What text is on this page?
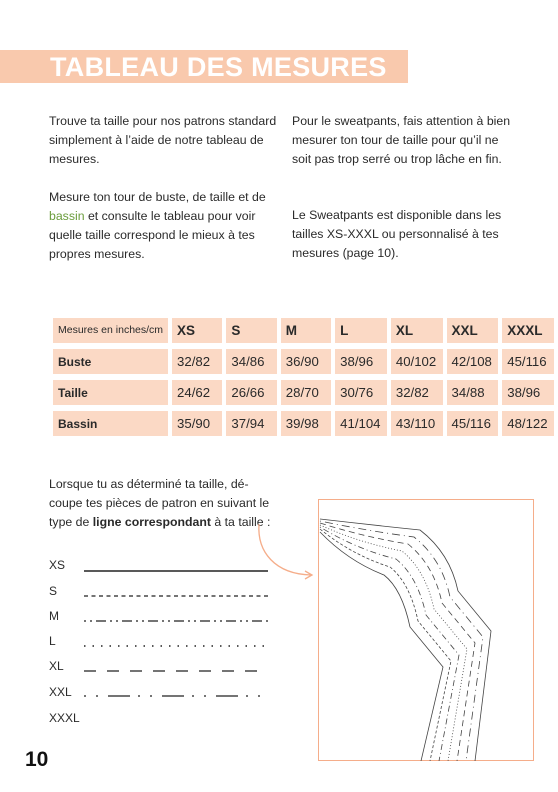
TABLEAU DES MESURES
Trouve ta taille pour nos patrons standard simplement à l’aide de notre tableau de mesures.
Mesure ton tour de buste, de taille et de bassin et consulte le tableau pour voir quelle taille correspond le mieux à tes propres mesures.
Pour le sweatpants, fais attention à bien mesurer ton tour de taille pour qu’il ne soit pas trop serré ou trop lâche en fin.
Le Sweatpants est disponible dans les tailles XS-XXXL ou personnalisé à tes mesures (page 10).
Mesures en inches/cm	XS	S	M	L	XL	XXL	XXXL
Buste	32/82	34/86	36/90	38/96	40/102	42/108	45/116
Taille	24/62	26/66	28/70	30/76	32/82	34/88	38/96
Bassin	35/90	37/94	39/98	41/104	43/110	45/116	48/122
Lorsque tu as déterminé ta taille, dé-coupe tes pièces de patron en suivant le type de ligne correspondant à ta taille :
XS
S
M
L
XL
XXL
XXXL
10
